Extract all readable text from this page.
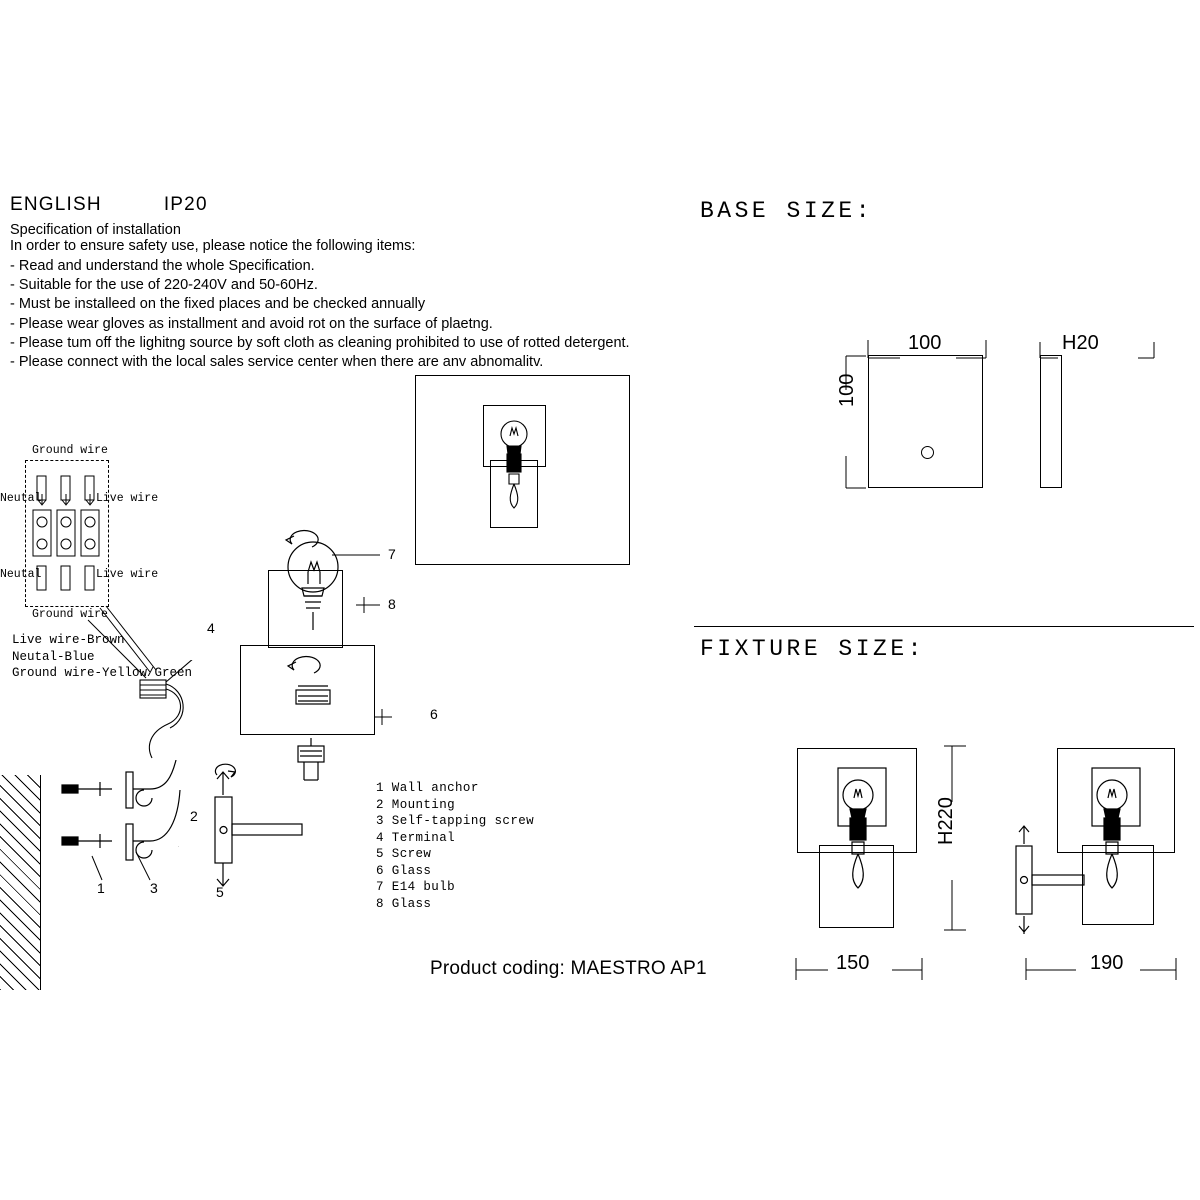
ENGLISH	IP20
Specification of installation
In order to ensure safety use, please notice the following items:
- Read and understand the whole Specification.
- Suitable for the use of 220-240V and 50-60Hz.
- Must be installeed on the fixed places and be checked annually
- Please wear gloves as installment and avoid rot on the surface of plaetng.
- Please tum off the lighitng source by soft cloth as cleaning prohibited to use of rotted detergent.
- Please connect with the local sales service center when there are anv abnomalitv.
Ground wire
Ground wire
Neutal
Neutal
Live wire
Live wire
Live wire-Brown
Neutal-Blue
Ground wire-Yellow/Green
1	3
2
5
7
8
6
4
1 Wall anchor
2 Mounting
3 Self-tapping screw
4 Terminal
5 Screw
6 Glass
7 E14 bulb
8 Glass
Product coding: MAESTRO AP1
BASE SIZE:
100
100
H20
FIXTURE SIZE:
H220
150	190
